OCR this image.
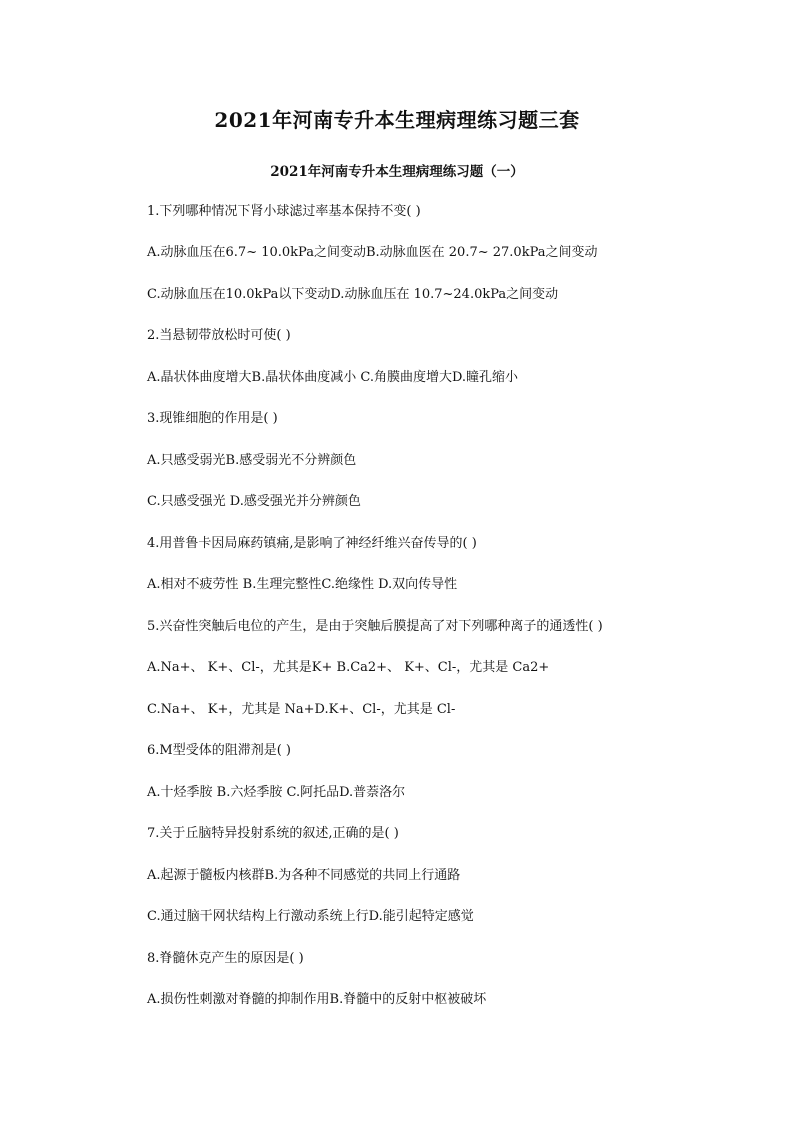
2021年河南专升本生理病理练习题三套
2021年河南专升本生理病理练习题（一）
1.下列哪种情况下肾小球滤过率基本保持不变( )
A.动脉血压在6.7~ 10.0kPa之间变动B.动脉血医在 20.7~ 27.0kPa之间变动
C.动脉血压在10.0kPa以下变动D.动脉血压在 10.7~24.0kPa之间变动
2.当悬韧带放松时可使( )
A.晶状体曲度增大B.晶状体曲度减小 C.角膜曲度增大D.瞳孔缩小
3.现锥细胞的作用是( )
A.只感受弱光B.感受弱光不分辨颜色
C.只感受强光 D.感受强光并分辨颜色
4.用普鲁卡因局麻药镇痛,是影响了神经纤维兴奋传导的( )
A.相对不疲劳性 B.生理完整性C.绝缘性 D.双向传导性
5.兴奋性突触后电位的产生，是由于突触后膜提高了对下列哪种离子的通透性( )
A.Na+、 K+、Cl-，尤其是K+ B.Ca2+、 K+、Cl-，尤其是 Ca2+
C.Na+、 K+，尤其是 Na+D.K+、Cl-，尤其是 Cl-
6.M型受体的阻滞剂是( )
A.十烃季胺 B.六烃季胺 C.阿托品D.普萘洛尔
7.关于丘脑特异投射系统的叙述,正确的是( )
A.起源于髓板内核群B.为各种不同感觉的共同上行通路
C.通过脑干网状结构上行激动系统上行D.能引起特定感觉
8.脊髓休克产生的原因是( )
A.损伤性刺激对脊髓的抑制作用B.脊髓中的反射中枢被破坏
